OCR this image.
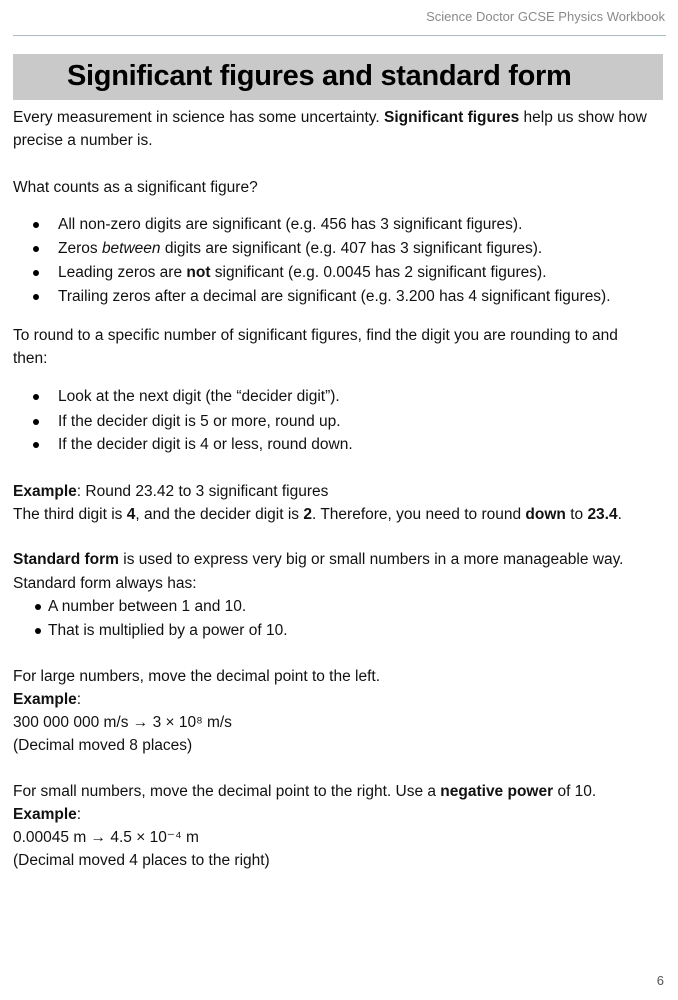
Science Doctor GCSE Physics Workbook
Significant figures and standard form
Every measurement in science has some uncertainty. Significant figures help us show how
precise a number is.
What counts as a significant figure?
All non-zero digits are significant (e.g. 456 has 3 significant figures).
Zeros between digits are significant (e.g. 407 has 3 significant figures).
Leading zeros are not significant (e.g. 0.0045 has 2 significant figures).
Trailing zeros after a decimal are significant (e.g. 3.200 has 4 significant figures).
To round to a specific number of significant figures, find the digit you are rounding to and
then:
Look at the next digit (the “decider digit”).
If the decider digit is 5 or more, round up.
If the decider digit is 4 or less, round down.
Example: Round 23.42 to 3 significant figures
The third digit is 4, and the decider digit is 2. Therefore, you need to round down to 23.4.
Standard form is used to express very big or small numbers in a more manageable way.
Standard form always has:
A number between 1 and 10.
That is multiplied by a power of 10.
For large numbers, move the decimal point to the left.
Example:
300 000 000 m/s → 3 × 10⁸ m/s
(Decimal moved 8 places)
For small numbers, move the decimal point to the right. Use a negative power of 10.
Example:
0.00045 m → 4.5 × 10⁻⁴ m
(Decimal moved 4 places to the right)
6
